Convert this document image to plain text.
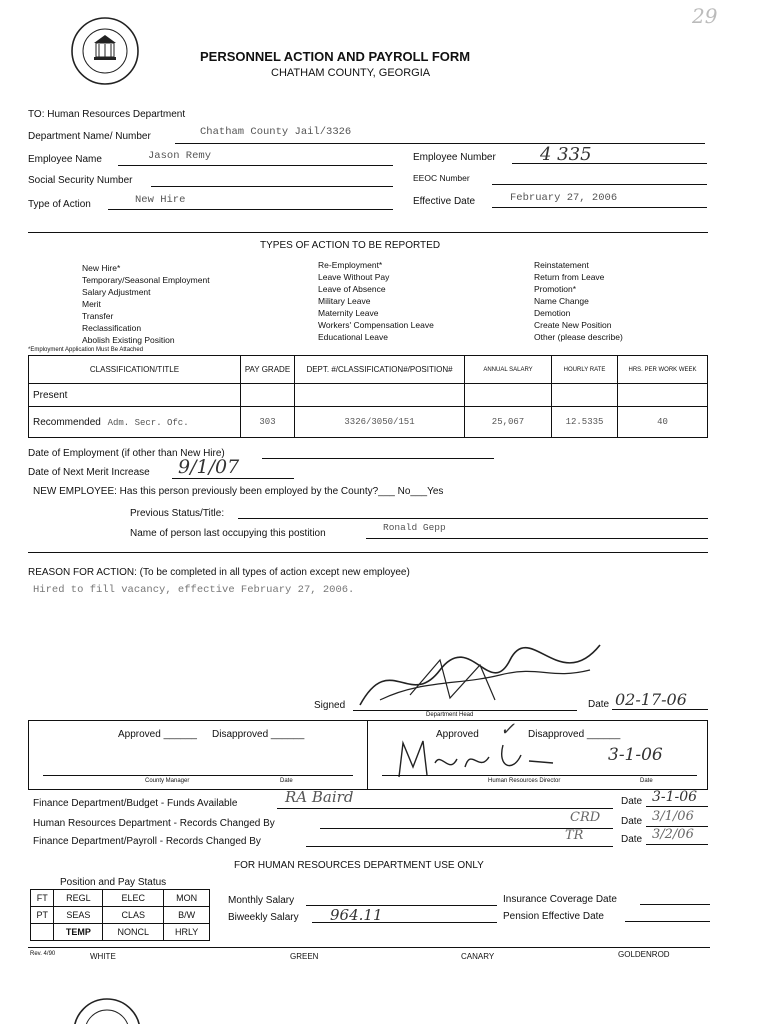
PERSONNEL ACTION AND PAYROLL FORM
CHATHAM COUNTY, GEORGIA
29
TO: Human Resources Department
Department Name/ Number	Chatham County Jail/3326
Employee Name	Jason Remy	Employee Number 4 335
Social Security Number	EEOC Number
Type of Action	New Hire	Effective Date	February 27, 2006
TYPES OF ACTION TO BE REPORTED
New Hire*
Temporary/Seasonal Employment
Salary Adjustment
Merit
Transfer
Reclassification
Abolish Existing Position
Re-Employment*
Leave Without Pay
Leave of Absence
Military Leave
Maternity Leave
Workers' Compensation Leave
Educational Leave
Reinstatement
Return from Leave
Promotion*
Name Change
Demotion
Create New Position
Other (please describe)
*Employment Application Must Be Attached
CLASSIFICATION/TITLE	PAY GRADE	DEPT. #/CLASSIFICATION#/POSITION#	ANNUAL SALARY	HOURLY RATE	HRS. PER WORK WEEK
Present					
Recommended Adm. Secr. Ofc.	303	3326/3050/151	25,067	12.5335	40
Date of Employment (if other than New Hire)
Date of Next Merit Increase 9/1/07
NEW EMPLOYEE: Has this person previously been employed by the County?___ No___Yes
Previous Status/Title:
Name of person last occupying this postition
Ronald Gepp
REASON FOR ACTION: (To be completed in all types of action except new employee)
Hired to fill vacancy, effective February 27, 2006.
Signed
Department Head
Date 02-17-06
Approved ______ Disapproved ______
County Manager	Date
Approved ✓ Disapproved ______
3-1-06
Human Resources Director	Date
Finance Department/Budget - Funds Available	RA Baird	Date 3-1-06
Human Resources Department - Records Changed By	CRD Date 3/1/06
Finance Department/Payroll - Records Changed By	TR	Date 3/2/06
FOR HUMAN RESOURCES DEPARTMENT USE ONLY
Position and Pay Status
FT	REGL	ELEC	MON
PT	SEAS	CLAS	B/W
	TEMP	NONCL	HRLY
Monthly Salary
Biweekly Salary 964.11
Insurance Coverage Date
Pension Effective Date
Rev. 4/90	WHITE	GREEN	CANARY	GOLDENROD
